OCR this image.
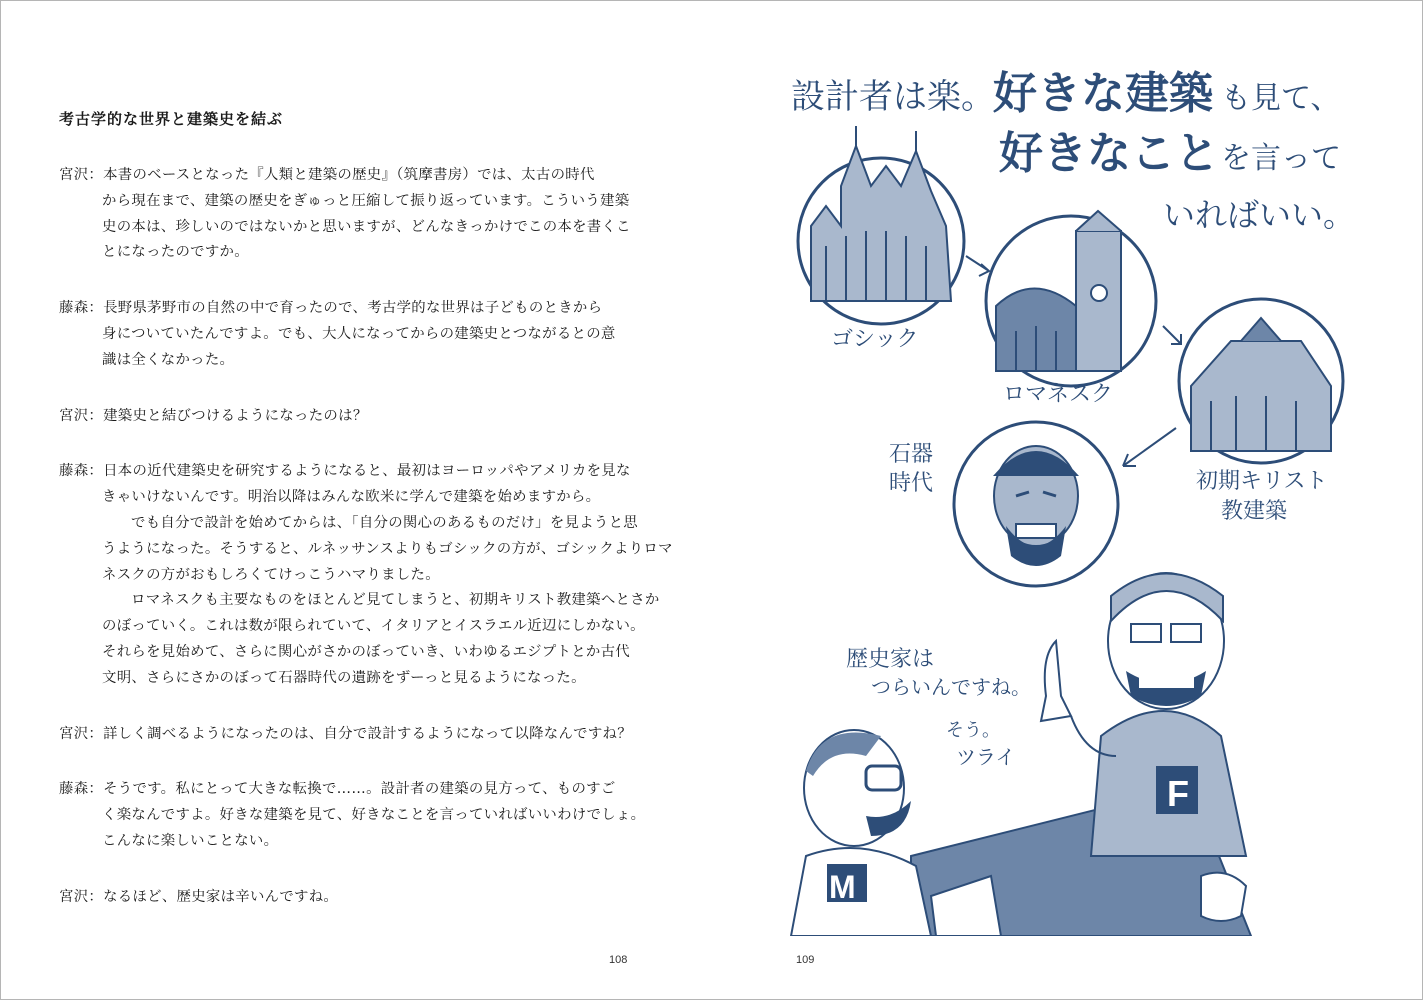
考古学的な世界と建築史を結ぶ
宮沢：本書のベースとなった『人類と建築の歴史』（筑摩書房）では、太古の時代
から現在まで、建築の歴史をぎゅっと圧縮して振り返っています。こういう建築
史の本は、珍しいのではないかと思いますが、どんなきっかけでこの本を書くこ
とになったのですか。
藤森：長野県茅野市の自然の中で育ったので、考古学的な世界は子どものときから
身についていたんですよ。でも、大人になってからの建築史とつながるとの意
識は全くなかった。
宮沢：建築史と結びつけるようになったのは？
藤森：日本の近代建築史を研究するようになると、最初はヨーロッパやアメリカを見な
きゃいけないんです。明治以降はみんな欧米に学んで建築を始めますから。
でも自分で設計を始めてからは、「自分の関心のあるものだけ」を見ようと思
うようになった。そうすると、ルネッサンスよりもゴシックの方が、ゴシックよりロマ
ネスクの方がおもしろくてけっこうハマりました。
ロマネスクも主要なものをほとんど見てしまうと、初期キリスト教建築へとさか
のぼっていく。これは数が限られていて、イタリアとイスラエル近辺にしかない。
それらを見始めて、さらに関心がさかのぼっていき、いわゆるエジプトとか古代
文明、さらにさかのぼって石器時代の遺跡をずーっと見るようになった。
宮沢：詳しく調べるようになったのは、自分で設計するようになって以降なんですね？
藤森：そうです。私にとって大きな転換で……。設計者の建築の見方って、ものすご
く楽なんですよ。好きな建築を見て、好きなことを言っていればいいわけでしょ。
こんなに楽しいことない。
宮沢：なるほど、歴史家は辛いんですね。
108	109
設計者は楽。
好きな建築 も見て、
好きなこと を言って
いればいい。
ゴシック
ロマネスク
初期キリスト
教建築
石器
時代
歴史家は
つらいんですね。
そう。
ツライ
F
M
